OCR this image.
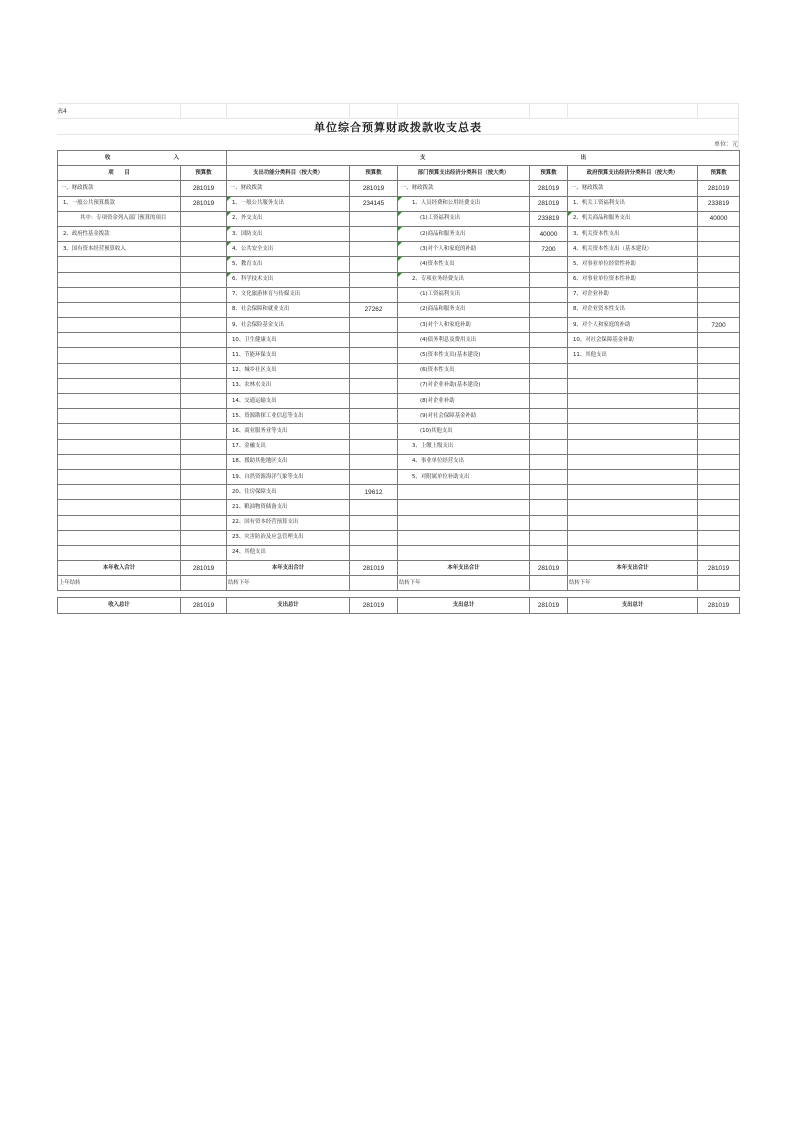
表4
单位综合预算财政拨款收支总表
单位：元
收 入		支 出					

项　　目	预算数	支出功能分类科目（按大类）	预算数	部门预算支出经济分类科目（按大类）	预算数	政府预算支出经济分类科目（按大类）	预算数
一、财政拨款	281019	一、财政拨款	281019	一、财政拨款	281019	一、财政拨款	281019
1、一般公共预算拨款	281019	1、一般公共服务支出	234145	1、人员经费和公用经费支出	281019	1、机关工资福利支出	233819
其中：专项资金列入部门预算的项目		2、外交支出		(1)工资福利支出	233819	2、机关商品和服务支出	40000
2、政府性基金拨款		3、国防支出		(2)商品和服务支出	40000	3、机关资本性支出	
3、国有资本经营预算收入		4、公共安全支出		(3)对个人和家庭的补助	7200	4、机关资本性支出（基本建设）	
		5、教育支出		(4)资本性支出		5、对事业单位经常性补助	
		6、科学技术支出		2、专项业务经费支出		6、对事业单位资本性补助	
		7、文化旅游体育与传媒支出		(1)工资福利支出		7、对企业补助	
		8、社会保障和就业支出	27262	(2)商品和服务支出		8、对企业资本性支出	
		9、社会保险基金支出		(3)对个人和家庭补助		9、对个人和家庭的补助	7200
		10、卫生健康支出		(4)债务利息及费用支出		10、对社会保障基金补助	
		11、节能环保支出		(5)资本性支出(基本建设)		11、其他支出	
		12、城乡社区支出		(6)资本性支出			
		13、农林水支出		(7)对企业补助(基本建设)			
		14、交通运输支出		(8)对企业补助			
		15、资源勘探工业信息等支出		(9)对社会保障基金补助			
		16、商业服务业等支出		(10)其他支出			
		17、金融支出		3、上缴上级支出			
		18、援助其他地区支出		4、事业单位经营支出			
		19、自然资源海洋气象等支出		5、对附属单位补助支出			
		20、住房保障支出	19612				
		21、粮油物资储备支出					
		22、国有资本经营预算支出					
		23、灾害防治及应急管理支出					
		24、其他支出					
本年收入合计	281019	本年支出合计	281019	本年支出合计	281019	本年支出合计	281019
上年结转		结转下年		结转下年		结转下年	

收入总计	281019	支出总计	281019	支出总计	281019	支出总计	281019
